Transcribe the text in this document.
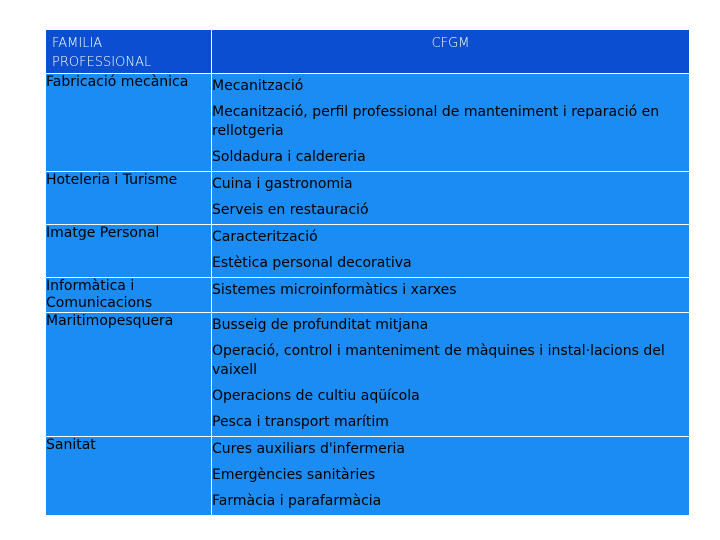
FAMILIA PROFESSIONAL	CFGM
Fabricació mecànica	Mecanització
Mecanització, perfil professional de manteniment i reparació en rellotgeria
Soldadura i caldereria

Hoteleria i Turisme	Cuina i gastronomia
Serveis en restauració

Imatge Personal	Caracterització
Estètica personal decorativa

Informàtica i Comunicacions	Sistemes microinformàtics i xarxes

Maritimopesquera	Busseig de profunditat mitjana
Operació, control i manteniment de màquines i instal·lacions del vaixell
Operacions de cultiu aqüícola
Pesca i transport marítim

Sanitat	Cures auxiliars d'infermeria
Emergències sanitàries
Farmàcia i parafarmàcia
